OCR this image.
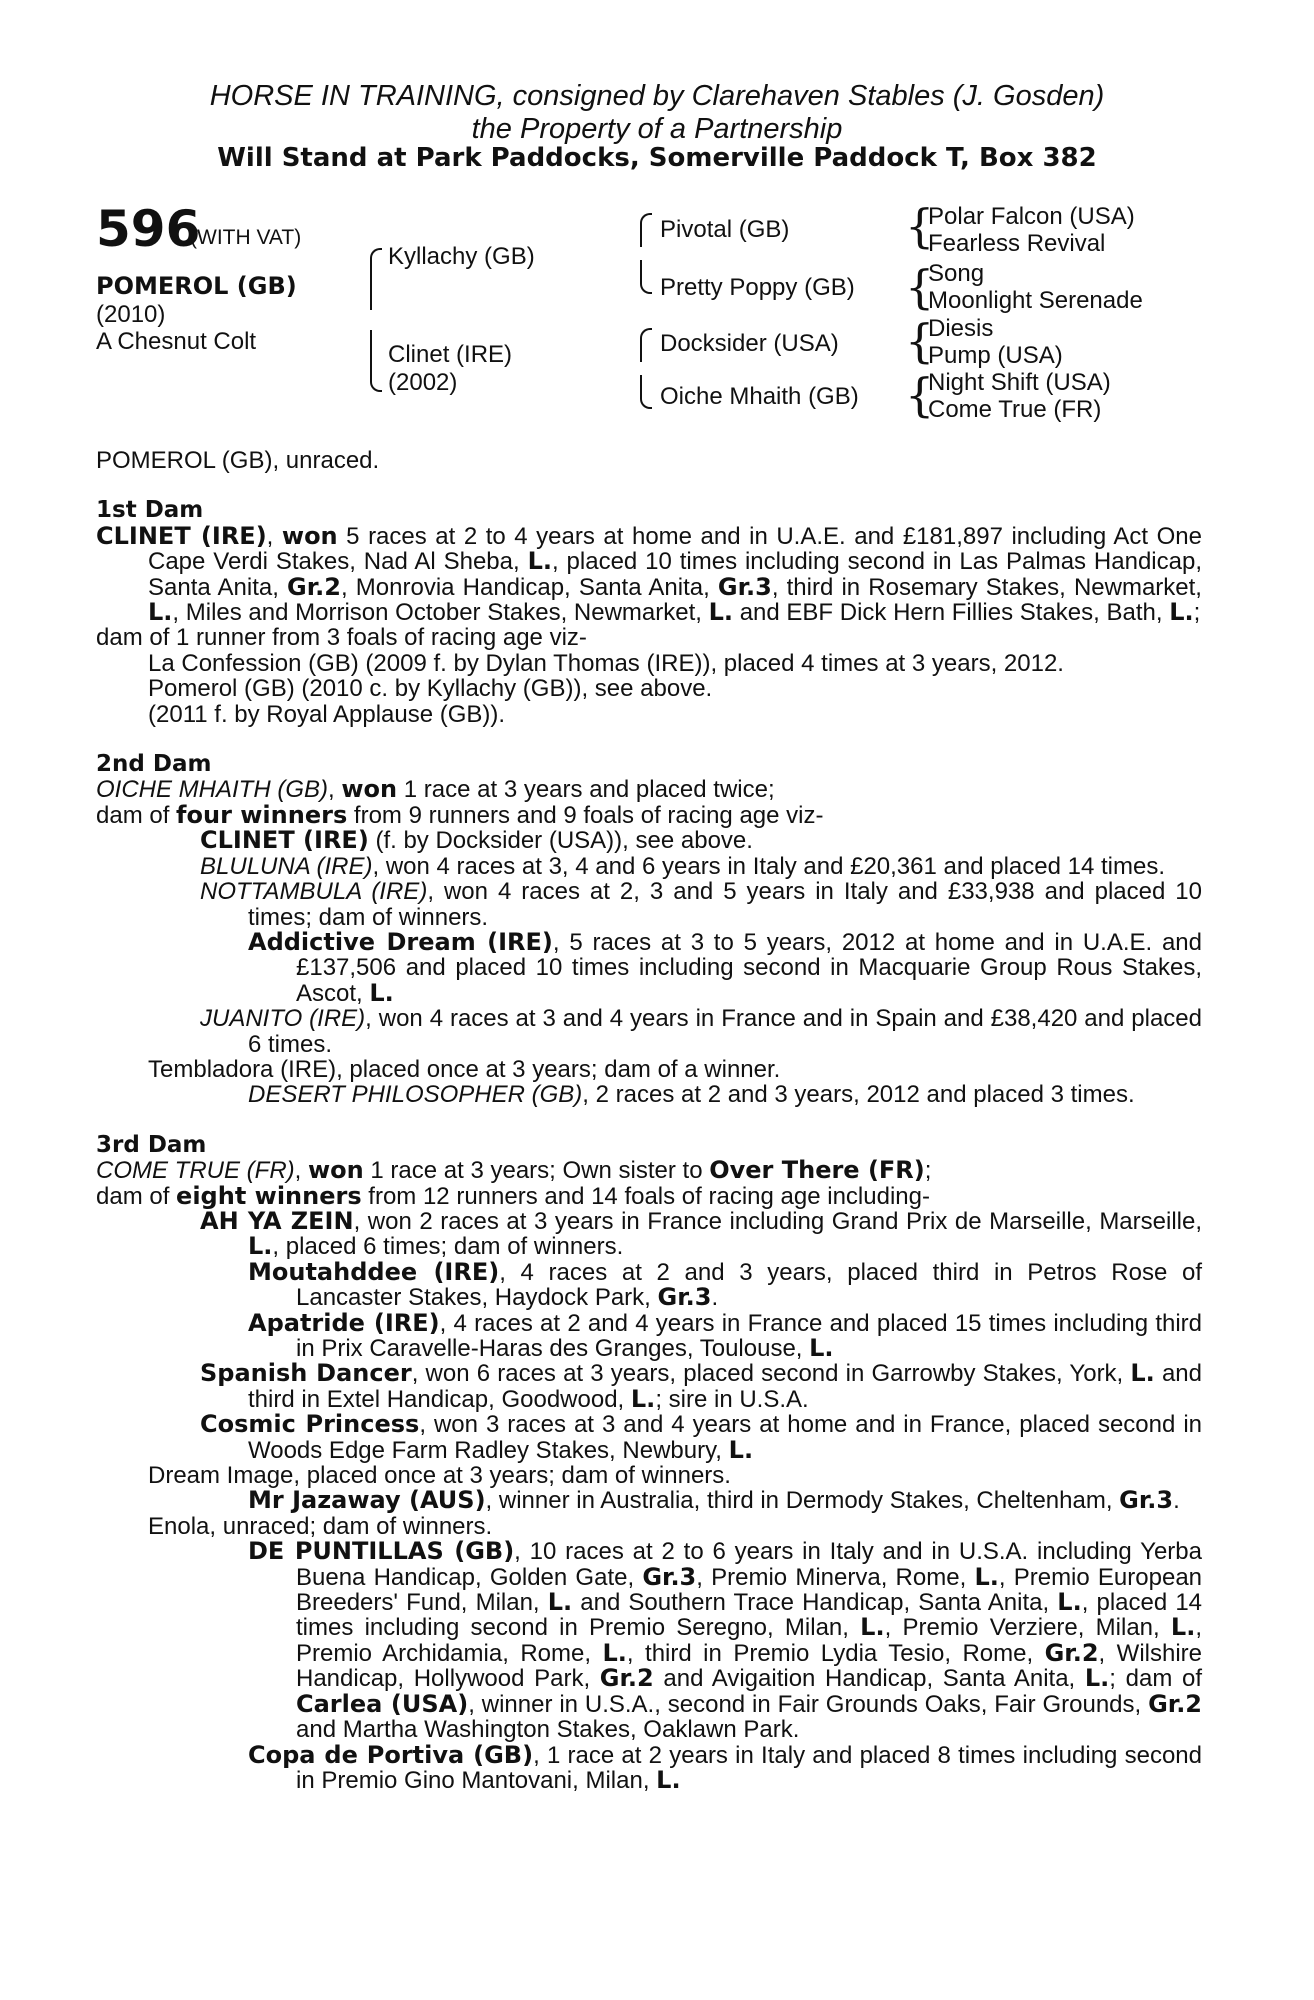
HORSE IN TRAINING, consigned by Clarehaven Stables (J. Gosden)
the Property of a Partnership
Will Stand at Park Paddocks, Somerville Paddock T, Box 382
596
(WITH VAT)
POMEROL (GB)
(2010)
A Chesnut Colt
Kyllachy (GB)
Clinet (IRE)
(2002)
Pivotal (GB)
Pretty Poppy (GB)
Docksider (USA)
Oiche Mhaith (GB)
{
{
{
{
Polar Falcon (USA)
Fearless Revival
Song
Moonlight Serenade
Diesis
Pump (USA)
Night Shift (USA)
Come True (FR)

POMEROL (GB), unraced.

1st Dam

CLINET (IRE), won 5 races at 2 to 4 years at home and in U.A.E. and £181,897 including Act One Cape Verdi Stakes, Nad Al Sheba, L., placed 10 times including second in Las Palmas Handicap, Santa Anita, Gr.2, Monrovia Handicap, Santa Anita, Gr.3, third in Rosemary Stakes, Newmarket, L., Miles and Morrison October Stakes, Newmarket, L. and EBF Dick Hern Fillies Stakes, Bath, L.;

dam of 1 runner from 3 foals of racing age viz-

La Confession (GB) (2009 f. by Dylan Thomas (IRE)), placed 4 times at 3 years, 2012.

Pomerol (GB) (2010 c. by Kyllachy (GB)), see above.

(2011 f. by Royal Applause (GB)).

2nd Dam

OICHE MHAITH (GB), won 1 race at 3 years and placed twice;

dam of four winners from 9 runners and 9 foals of racing age viz-

CLINET (IRE) (f. by Docksider (USA)), see above.

BLULUNA (IRE), won 4 races at 3, 4 and 6 years in Italy and £20,361 and placed 14 times.

NOTTAMBULA (IRE), won 4 races at 2, 3 and 5 years in Italy and £33,938 and placed 10 times; dam of winners.

Addictive Dream (IRE), 5 races at 3 to 5 years, 2012 at home and in U.A.E. and £137,506 and placed 10 times including second in Macquarie Group Rous Stakes, Ascot, L.

JUANITO (IRE), won 4 races at 3 and 4 years in France and in Spain and £38,420 and placed 6 times.

Tembladora (IRE), placed once at 3 years; dam of a winner.

DESERT PHILOSOPHER (GB), 2 races at 2 and 3 years, 2012 and placed 3 times.

3rd Dam

COME TRUE (FR), won 1 race at 3 years; Own sister to Over There (FR);

dam of eight winners from 12 runners and 14 foals of racing age including-

AH YA ZEIN, won 2 races at 3 years in France including Grand Prix de Marseille, Marseille, L., placed 6 times; dam of winners.

Moutahddee (IRE), 4 races at 2 and 3 years, placed third in Petros Rose of Lancaster Stakes, Haydock Park, Gr.3.

Apatride (IRE), 4 races at 2 and 4 years in France and placed 15 times including third in Prix Caravelle-Haras des Granges, Toulouse, L.

Spanish Dancer, won 6 races at 3 years, placed second in Garrowby Stakes, York, L. and third in Extel Handicap, Goodwood, L.; sire in U.S.A.

Cosmic Princess, won 3 races at 3 and 4 years at home and in France, placed second in Woods Edge Farm Radley Stakes, Newbury, L.

Dream Image, placed once at 3 years; dam of winners.

Mr Jazaway (AUS), winner in Australia, third in Dermody Stakes, Cheltenham, Gr.3.

Enola, unraced; dam of winners.

DE PUNTILLAS (GB), 10 races at 2 to 6 years in Italy and in U.S.A. including Yerba Buena Handicap, Golden Gate, Gr.3, Premio Minerva, Rome, L., Premio European Breeders' Fund, Milan, L. and Southern Trace Handicap, Santa Anita, L., placed 14 times including second in Premio Seregno, Milan, L., Premio Verziere, Milan, L., Premio Archidamia, Rome, L., third in Premio Lydia Tesio, Rome, Gr.2, Wilshire Handicap, Hollywood Park, Gr.2 and Avigaition Handicap, Santa Anita, L.; dam of Carlea (USA), winner in U.S.A., second in Fair Grounds Oaks, Fair Grounds, Gr.2 and Martha Washington Stakes, Oaklawn Park.

Copa de Portiva (GB), 1 race at 2 years in Italy and placed 8 times including second in Premio Gino Mantovani, Milan, L.
